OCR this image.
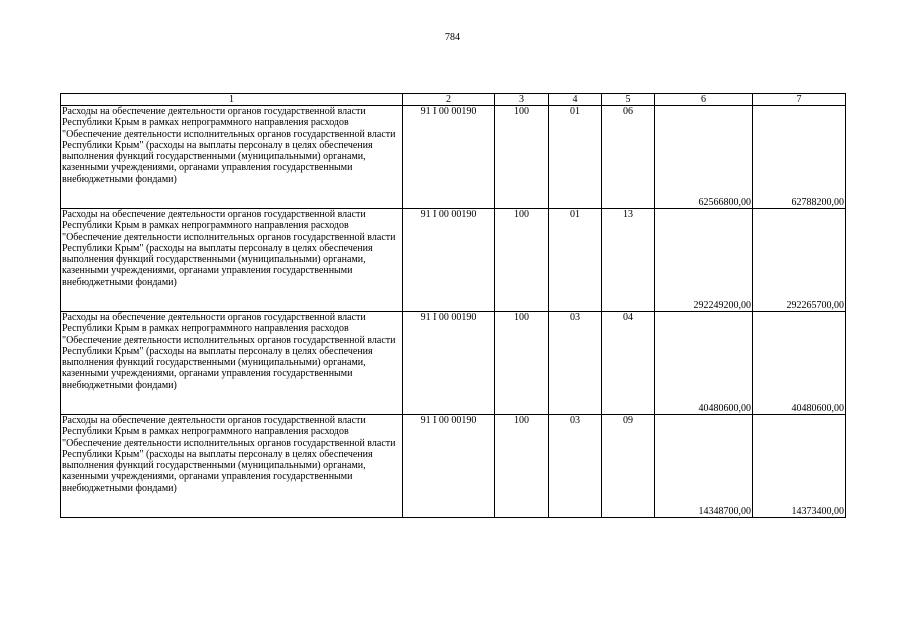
784
1	2	3	4	5	6	7
Расходы на обеспечение деятельности органов государственной власти Республики Крым в рамках непрограммного направления расходов "Обеспечение деятельности исполнительных органов государственной власти Республики Крым" (расходы на выплаты персоналу в целях обеспечения выполнения функций государственными (муниципальными) органами, казенными учреждениями, органами управления государственными внебюджетными фондами)	91 I 00 00190	100	01	06	62566800,00	62788200,00
Расходы на обеспечение деятельности органов государственной власти Республики Крым в рамках непрограммного направления расходов "Обеспечение деятельности исполнительных органов государственной власти Республики Крым" (расходы на выплаты персоналу в целях обеспечения выполнения функций государственными (муниципальными) органами, казенными учреждениями, органами управления государственными внебюджетными фондами)	91 I 00 00190	100	01	13	292249200,00	292265700,00
Расходы на обеспечение деятельности органов государственной власти Республики Крым в рамках непрограммного направления расходов "Обеспечение деятельности исполнительных органов государственной власти Республики Крым" (расходы на выплаты персоналу в целях обеспечения выполнения функций государственными (муниципальными) органами, казенными учреждениями, органами управления государственными внебюджетными фондами)	91 I 00 00190	100	03	04	40480600,00	40480600,00
Расходы на обеспечение деятельности органов государственной власти Республики Крым в рамках непрограммного направления расходов "Обеспечение деятельности исполнительных органов государственной власти Республики Крым" (расходы на выплаты персоналу в целях обеспечения выполнения функций государственными (муниципальными) органами, казенными учреждениями, органами управления государственными внебюджетными фондами)	91 I 00 00190	100	03	09	14348700,00	14373400,00
